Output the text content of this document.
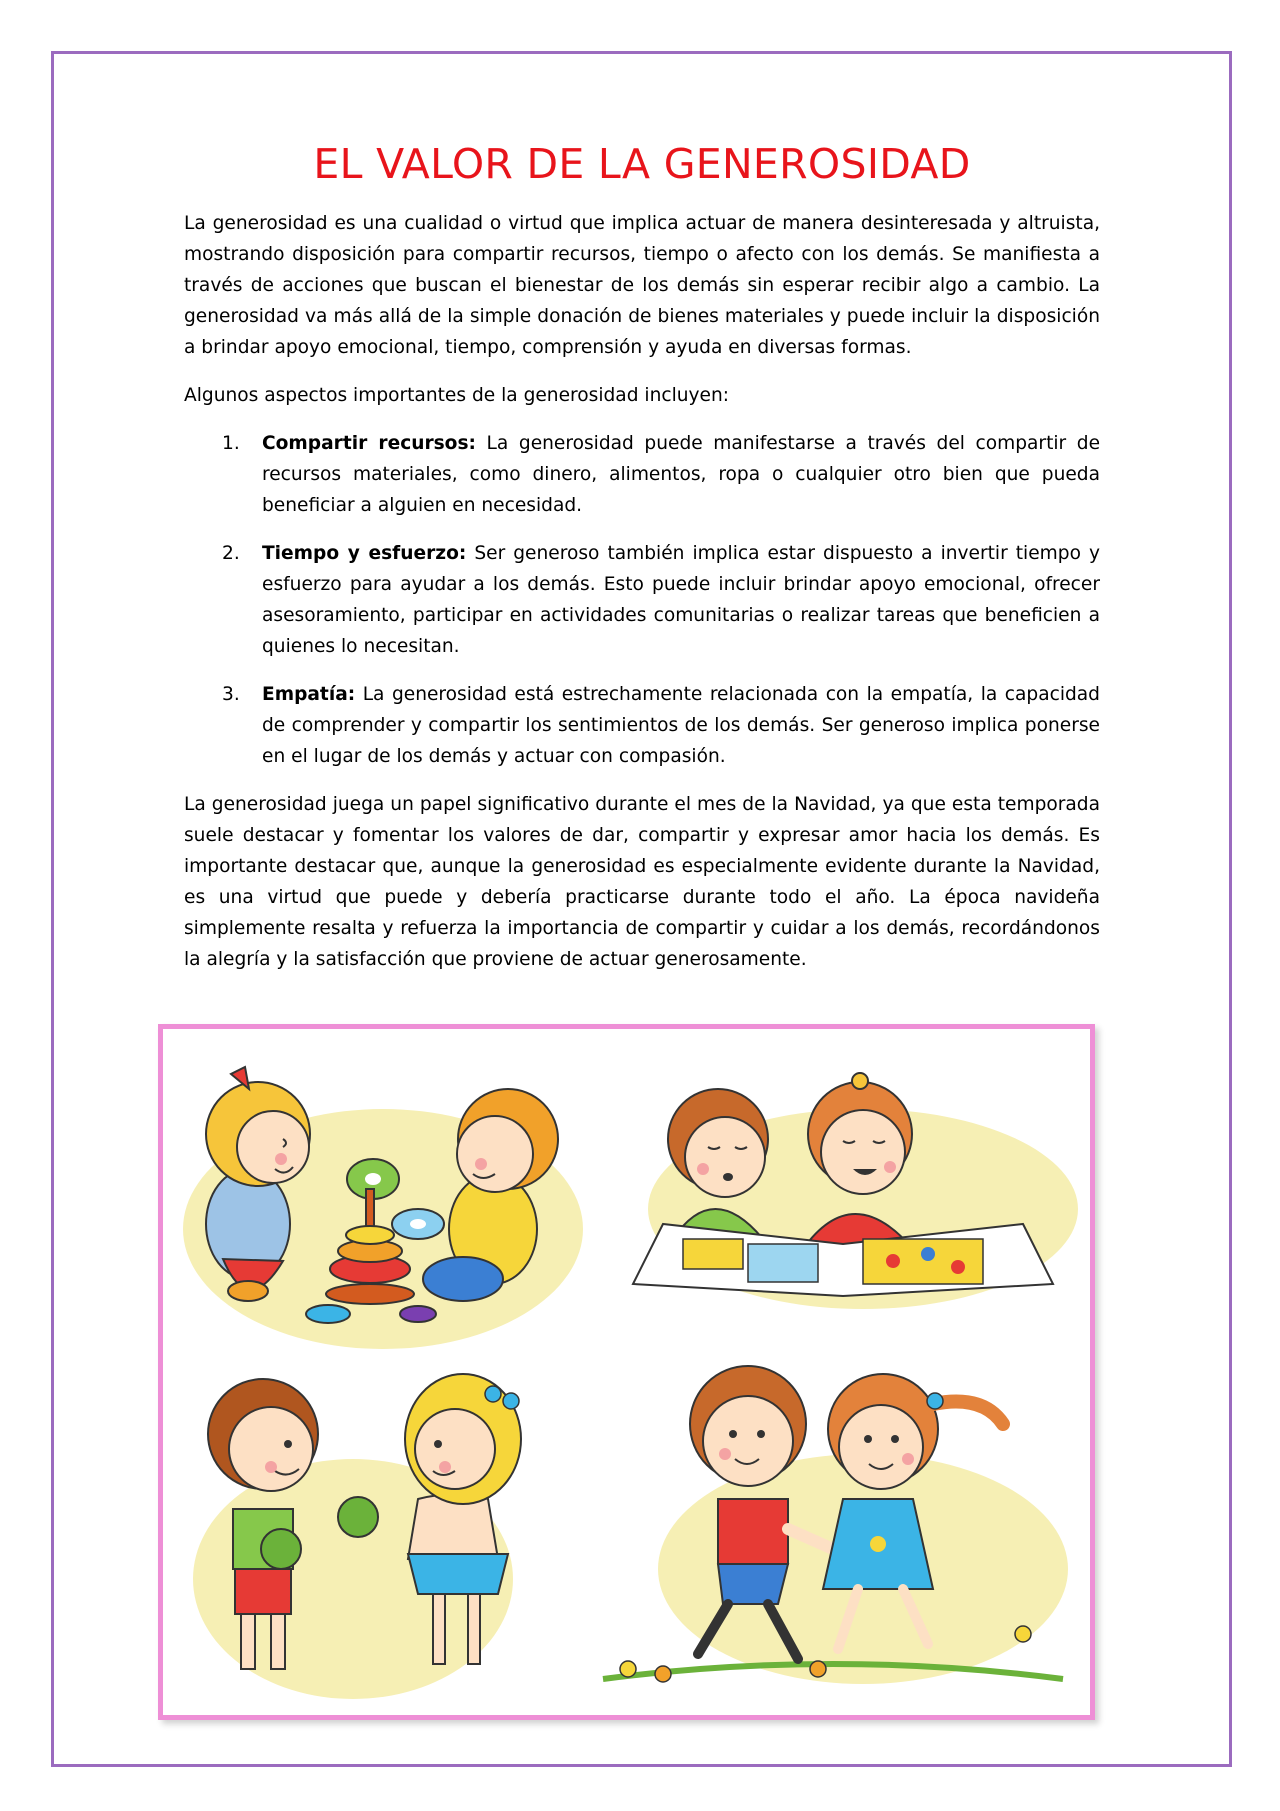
EL VALOR DE LA GENEROSIDAD

La generosidad es una cualidad o virtud que implica actuar de manera desinteresada y altruista, mostrando disposición para compartir recursos, tiempo o afecto con los demás. Se manifiesta a través de acciones que buscan el bienestar de los demás sin esperar recibir algo a cambio. La generosidad va más allá de la simple donación de bienes materiales y puede incluir la disposición a brindar apoyo emocional, tiempo, comprensión y ayuda en diversas formas.

Algunos aspectos importantes de la generosidad incluyen:

1. Compartir recursos: La generosidad puede manifestarse a través del compartir de recursos materiales, como dinero, alimentos, ropa o cualquier otro bien que pueda beneficiar a alguien en necesidad.
2. Tiempo y esfuerzo: Ser generoso también implica estar dispuesto a invertir tiempo y esfuerzo para ayudar a los demás. Esto puede incluir brindar apoyo emocional, ofrecer asesoramiento, participar en actividades comunitarias o realizar tareas que beneficien a quienes lo necesitan.
3. Empatía: La generosidad está estrechamente relacionada con la empatía, la capacidad de comprender y compartir los sentimientos de los demás. Ser generoso implica ponerse en el lugar de los demás y actuar con compasión.

La generosidad juega un papel significativo durante el mes de la Navidad, ya que esta temporada suele destacar y fomentar los valores de dar, compartir y expresar amor hacia los demás. Es importante destacar que, aunque la generosidad es especialmente evidente durante la Navidad, es una virtud que puede y debería practicarse durante todo el año. La época navideña simplemente resalta y refuerza la importancia de compartir y cuidar a los demás, recordándonos la alegría y la satisfacción que proviene de actuar generosamente.
